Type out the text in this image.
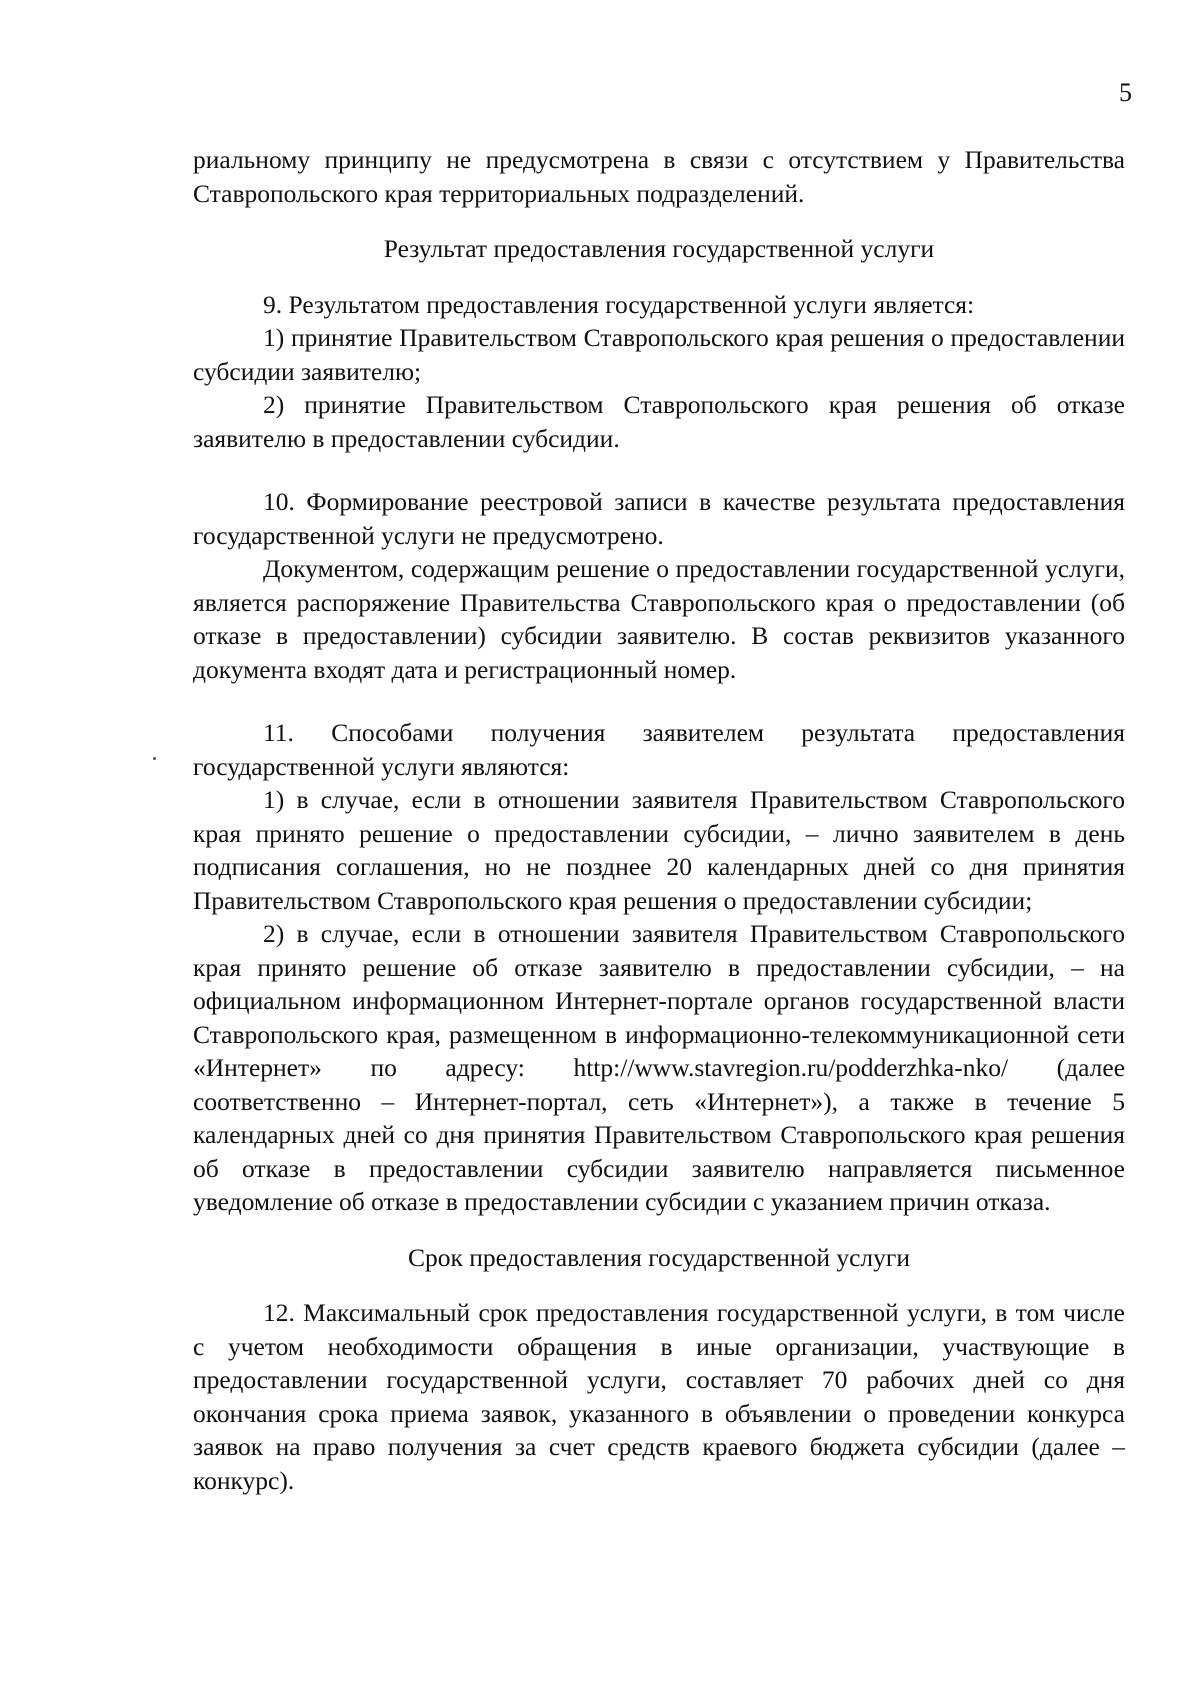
5

риальному принципу не предусмотрена в связи с отсутствием у Правительства Ставропольского края территориальных подразделений.

Результат предоставления государственной услуги

9. Результатом предоставления государственной услуги является:

1) принятие Правительством Ставропольского края решения о предоставлении субсидии заявителю;

2) принятие Правительством Ставропольского края решения об отказе заявителю в предоставлении субсидии.

10. Формирование реестровой записи в качестве результата предоставления государственной услуги не предусмотрено.

Документом, содержащим решение о предоставлении государственной услуги, является распоряжение Правительства Ставропольского края о предоставлении (об отказе в предоставлении) субсидии заявителю. В состав реквизитов указанного документа входят дата и регистрационный номер.

11. Способами получения заявителем результата предоставления государственной услуги являются:

1) в случае, если в отношении заявителя Правительством Ставропольского края принято решение о предоставлении субсидии, – лично заявителем в день подписания соглашения, но не позднее 20 календарных дней со дня принятия Правительством Ставропольского края решения о предоставлении субсидии;

2) в случае, если в отношении заявителя Правительством Ставропольского края принято решение об отказе заявителю в предоставлении субсидии, – на официальном информационном Интернет-портале органов государственной власти Ставропольского края, размещенном в информационно-телекоммуникационной сети «Интернет» по адресу: http://www.stavregion.ru/podderzhka-nko/ (далее соответственно – Интернет-портал, сеть «Интернет»), а также в течение 5 календарных дней со дня принятия Правительством Ставропольского края решения об отказе в предоставлении субсидии заявителю направляется письменное уведомление об отказе в предоставлении субсидии с указанием причин отказа.

Срок предоставления государственной услуги

12. Максимальный срок предоставления государственной услуги, в том числе с учетом необходимости обращения в иные организации, участвующие в предоставлении государственной услуги, составляет 70 рабочих дней со дня окончания срока приема заявок, указанного в объявлении о проведении конкурса заявок на право получения за счет средств краевого бюджета субсидии (далее – конкурс).
